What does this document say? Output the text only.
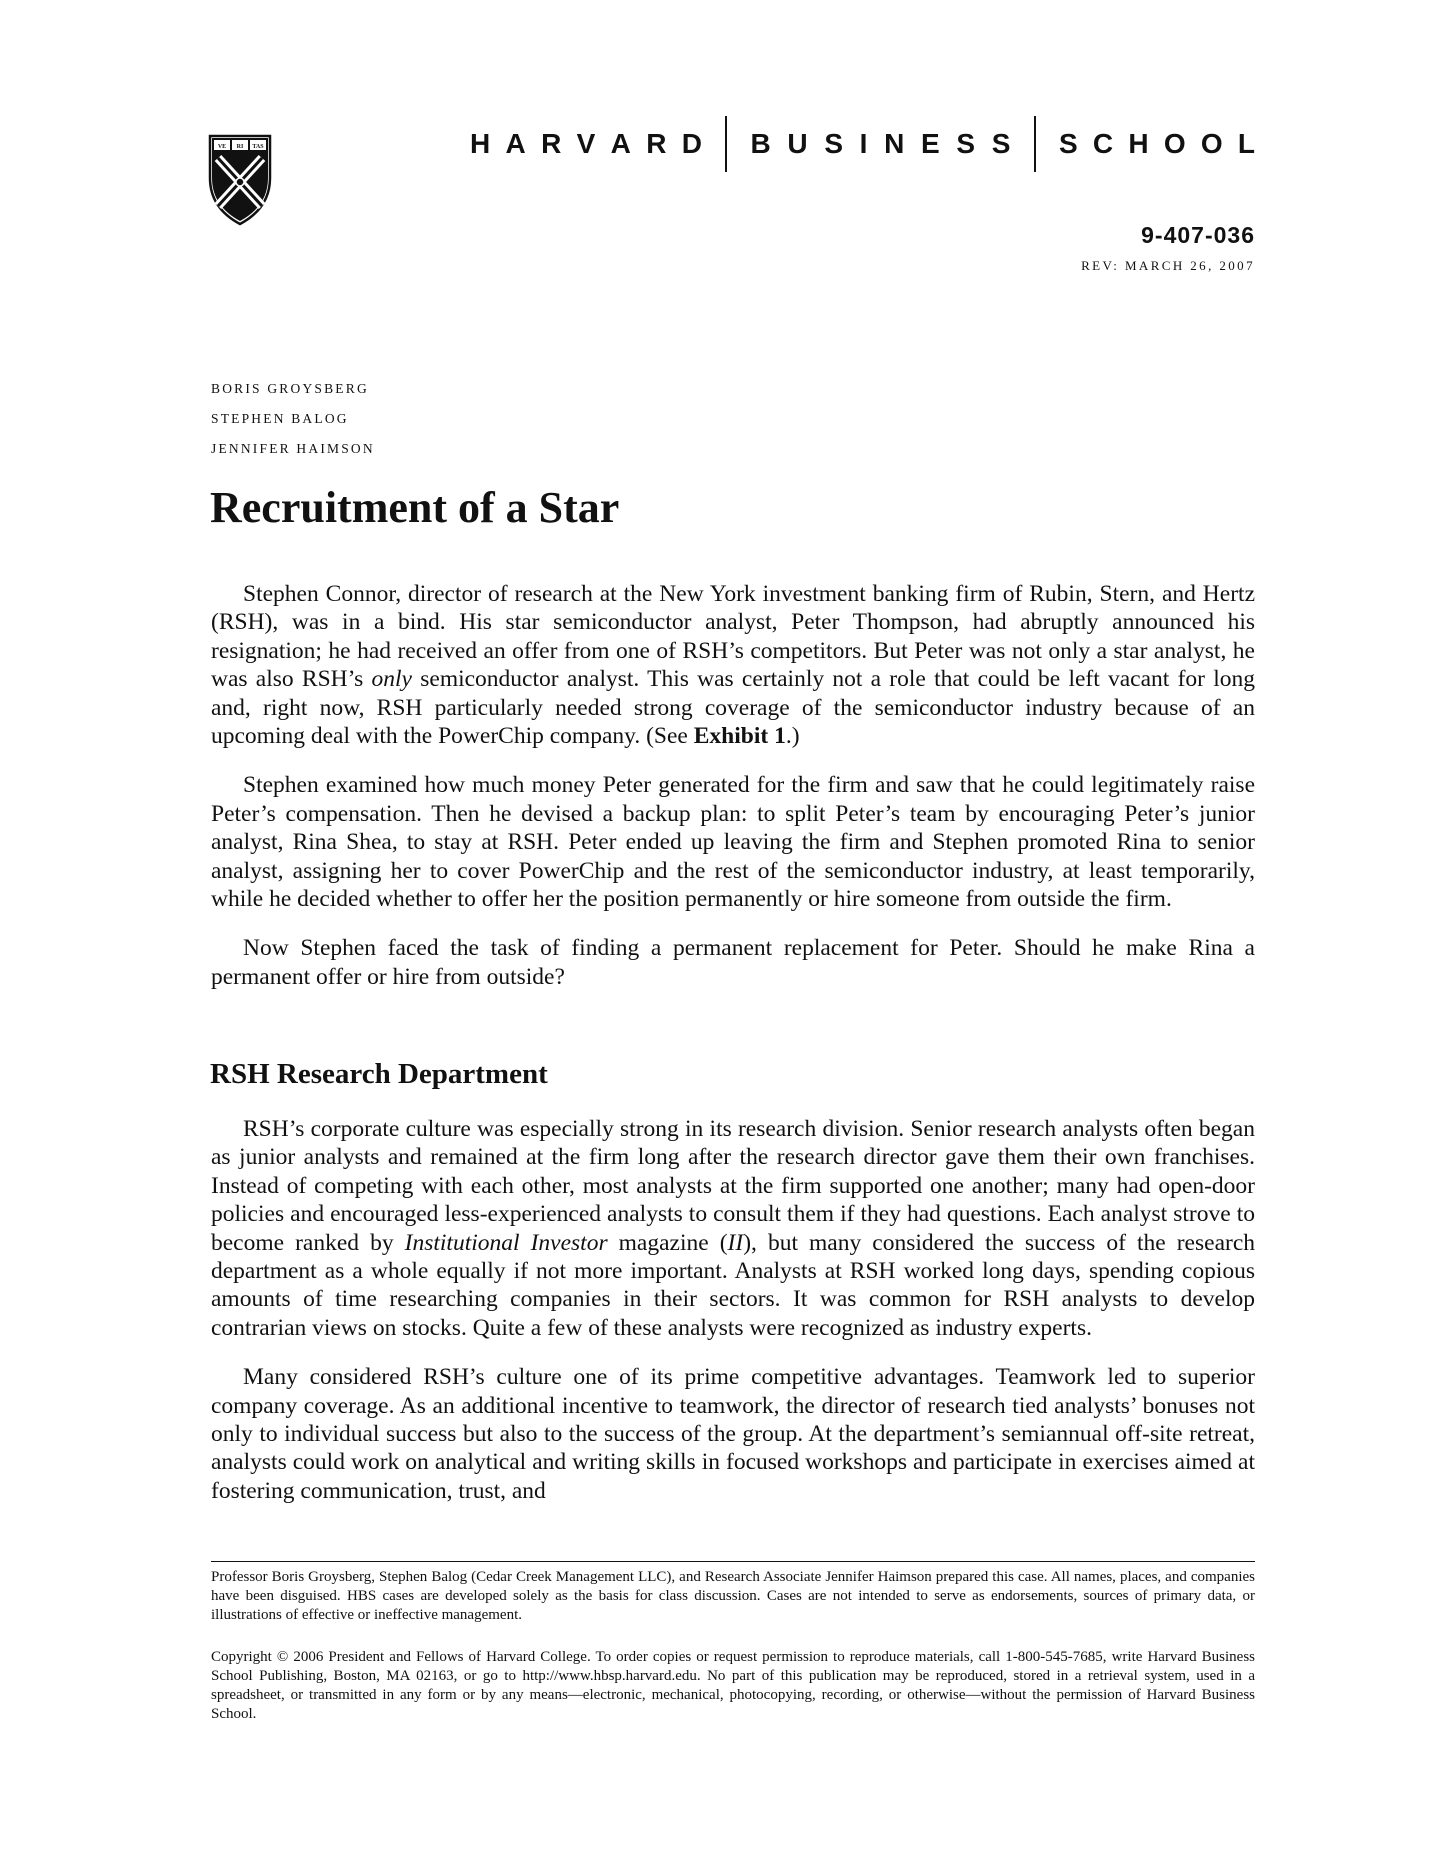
VE RI TAS	H A R V A R D B U S I N E S S S C H O O L
9-407-036
REV: MARCH 26, 2007
BORIS GROYSBERG
STEPHEN BALOG
JENNIFER HAIMSON
Recruitment of a Star

Stephen Connor, director of research at the New York investment banking firm of Rubin, Stern, and Hertz (RSH), was in a bind. His star semiconductor analyst, Peter Thompson, had abruptly announced his resignation; he had received an offer from one of RSH’s competitors. But Peter was not only a star analyst, he was also RSH’s only semiconductor analyst. This was certainly not a role that could be left vacant for long and, right now, RSH particularly needed strong coverage of the semiconductor industry because of an upcoming deal with the PowerChip company. (See Exhibit 1.)

Stephen examined how much money Peter generated for the firm and saw that he could legitimately raise Peter’s compensation. Then he devised a backup plan: to split Peter’s team by encouraging Peter’s junior analyst, Rina Shea, to stay at RSH. Peter ended up leaving the firm and Stephen promoted Rina to senior analyst, assigning her to cover PowerChip and the rest of the semiconductor industry, at least temporarily, while he decided whether to offer her the position permanently or hire someone from outside the firm.

Now Stephen faced the task of finding a permanent replacement for Peter. Should he make Rina a permanent offer or hire from outside?

RSH Research Department

RSH’s corporate culture was especially strong in its research division. Senior research analysts often began as junior analysts and remained at the firm long after the research director gave them their own franchises. Instead of competing with each other, most analysts at the firm supported one another; many had open-door policies and encouraged less-experienced analysts to consult them if they had questions. Each analyst strove to become ranked by Institutional Investor magazine (II), but many considered the success of the research department as a whole equally if not more important. Analysts at RSH worked long days, spending copious amounts of time researching companies in their sectors. It was common for RSH analysts to develop contrarian views on stocks. Quite a few of these analysts were recognized as industry experts.

Many considered RSH’s culture one of its prime competitive advantages. Teamwork led to superior company coverage. As an additional incentive to teamwork, the director of research tied analysts’ bonuses not only to individual success but also to the success of the group. At the department’s semiannual off-site retreat, analysts could work on analytical and writing skills in focused workshops and participate in exercises aimed at fostering communication, trust, and

Professor Boris Groysberg, Stephen Balog (Cedar Creek Management LLC), and Research Associate Jennifer Haimson prepared this case. All names, places, and companies have been disguised. HBS cases are developed solely as the basis for class discussion. Cases are not intended to serve as endorsements, sources of primary data, or illustrations of effective or ineffective management.
Copyright © 2006 President and Fellows of Harvard College. To order copies or request permission to reproduce materials, call 1-800-545-7685, write Harvard Business School Publishing, Boston, MA 02163, or go to http://www.hbsp.harvard.edu. No part of this publication may be reproduced, stored in a retrieval system, used in a spreadsheet, or transmitted in any form or by any means—electronic, mechanical, photocopying, recording, or otherwise—without the permission of Harvard Business School.
